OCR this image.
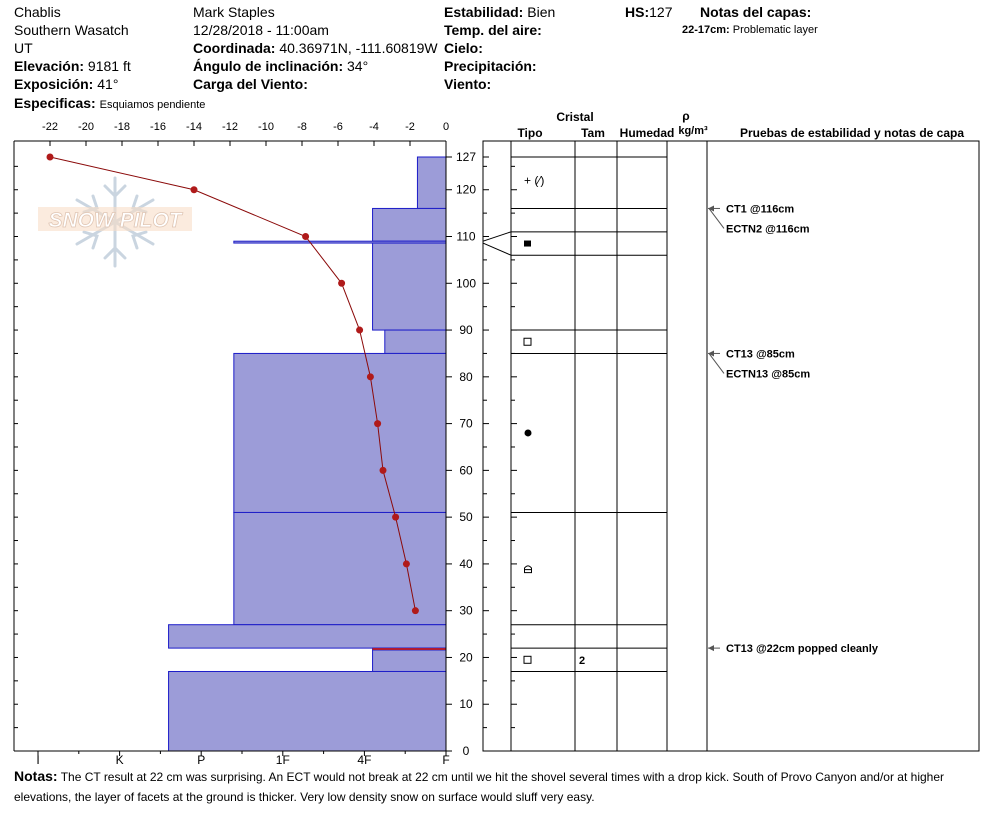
Chablis
Southern Wasatch
UT
Elevación: 9181 ft
Exposición: 41°
Especificas: Esquiamos pendiente
Mark Staples
12/28/2018 - 11:00am
Coordinada: 40.36971N, -111.60819W
Ángulo de inclinación: 34°
Carga del Viento:
Estabilidad: Bien
Temp. del aire:
Cielo:
Precipitación:
Viento:
HS:127 Notas del capas:
22-17cm: Problematic layer
SNOW PILOT
-22 -20 -18 -16 -14 -12 -10 -8 -6 -4 -2	0
I	K	P	1F	4F	F
0
10
20
30
40
50
60
70
80
90
100
110
120
127
Cristal
Tipo	Tam Humedad
ρ
kg/m³	Pruebas de estabilidad y notas de capa
+ (⁄)
2
CT1 @116cm
ECTN2 @116cm
CT13 @85cm
ECTN13 @85cm
CT13 @22cm popped cleanly
Notas: The CT result at 22 cm was surprising. An ECT would not break at 22 cm until we hit the shovel several times with a drop kick. South of Provo Canyon and/or at higher elevations, the layer of facets at the ground is thicker. Very low density snow on surface would sluff very easy.
